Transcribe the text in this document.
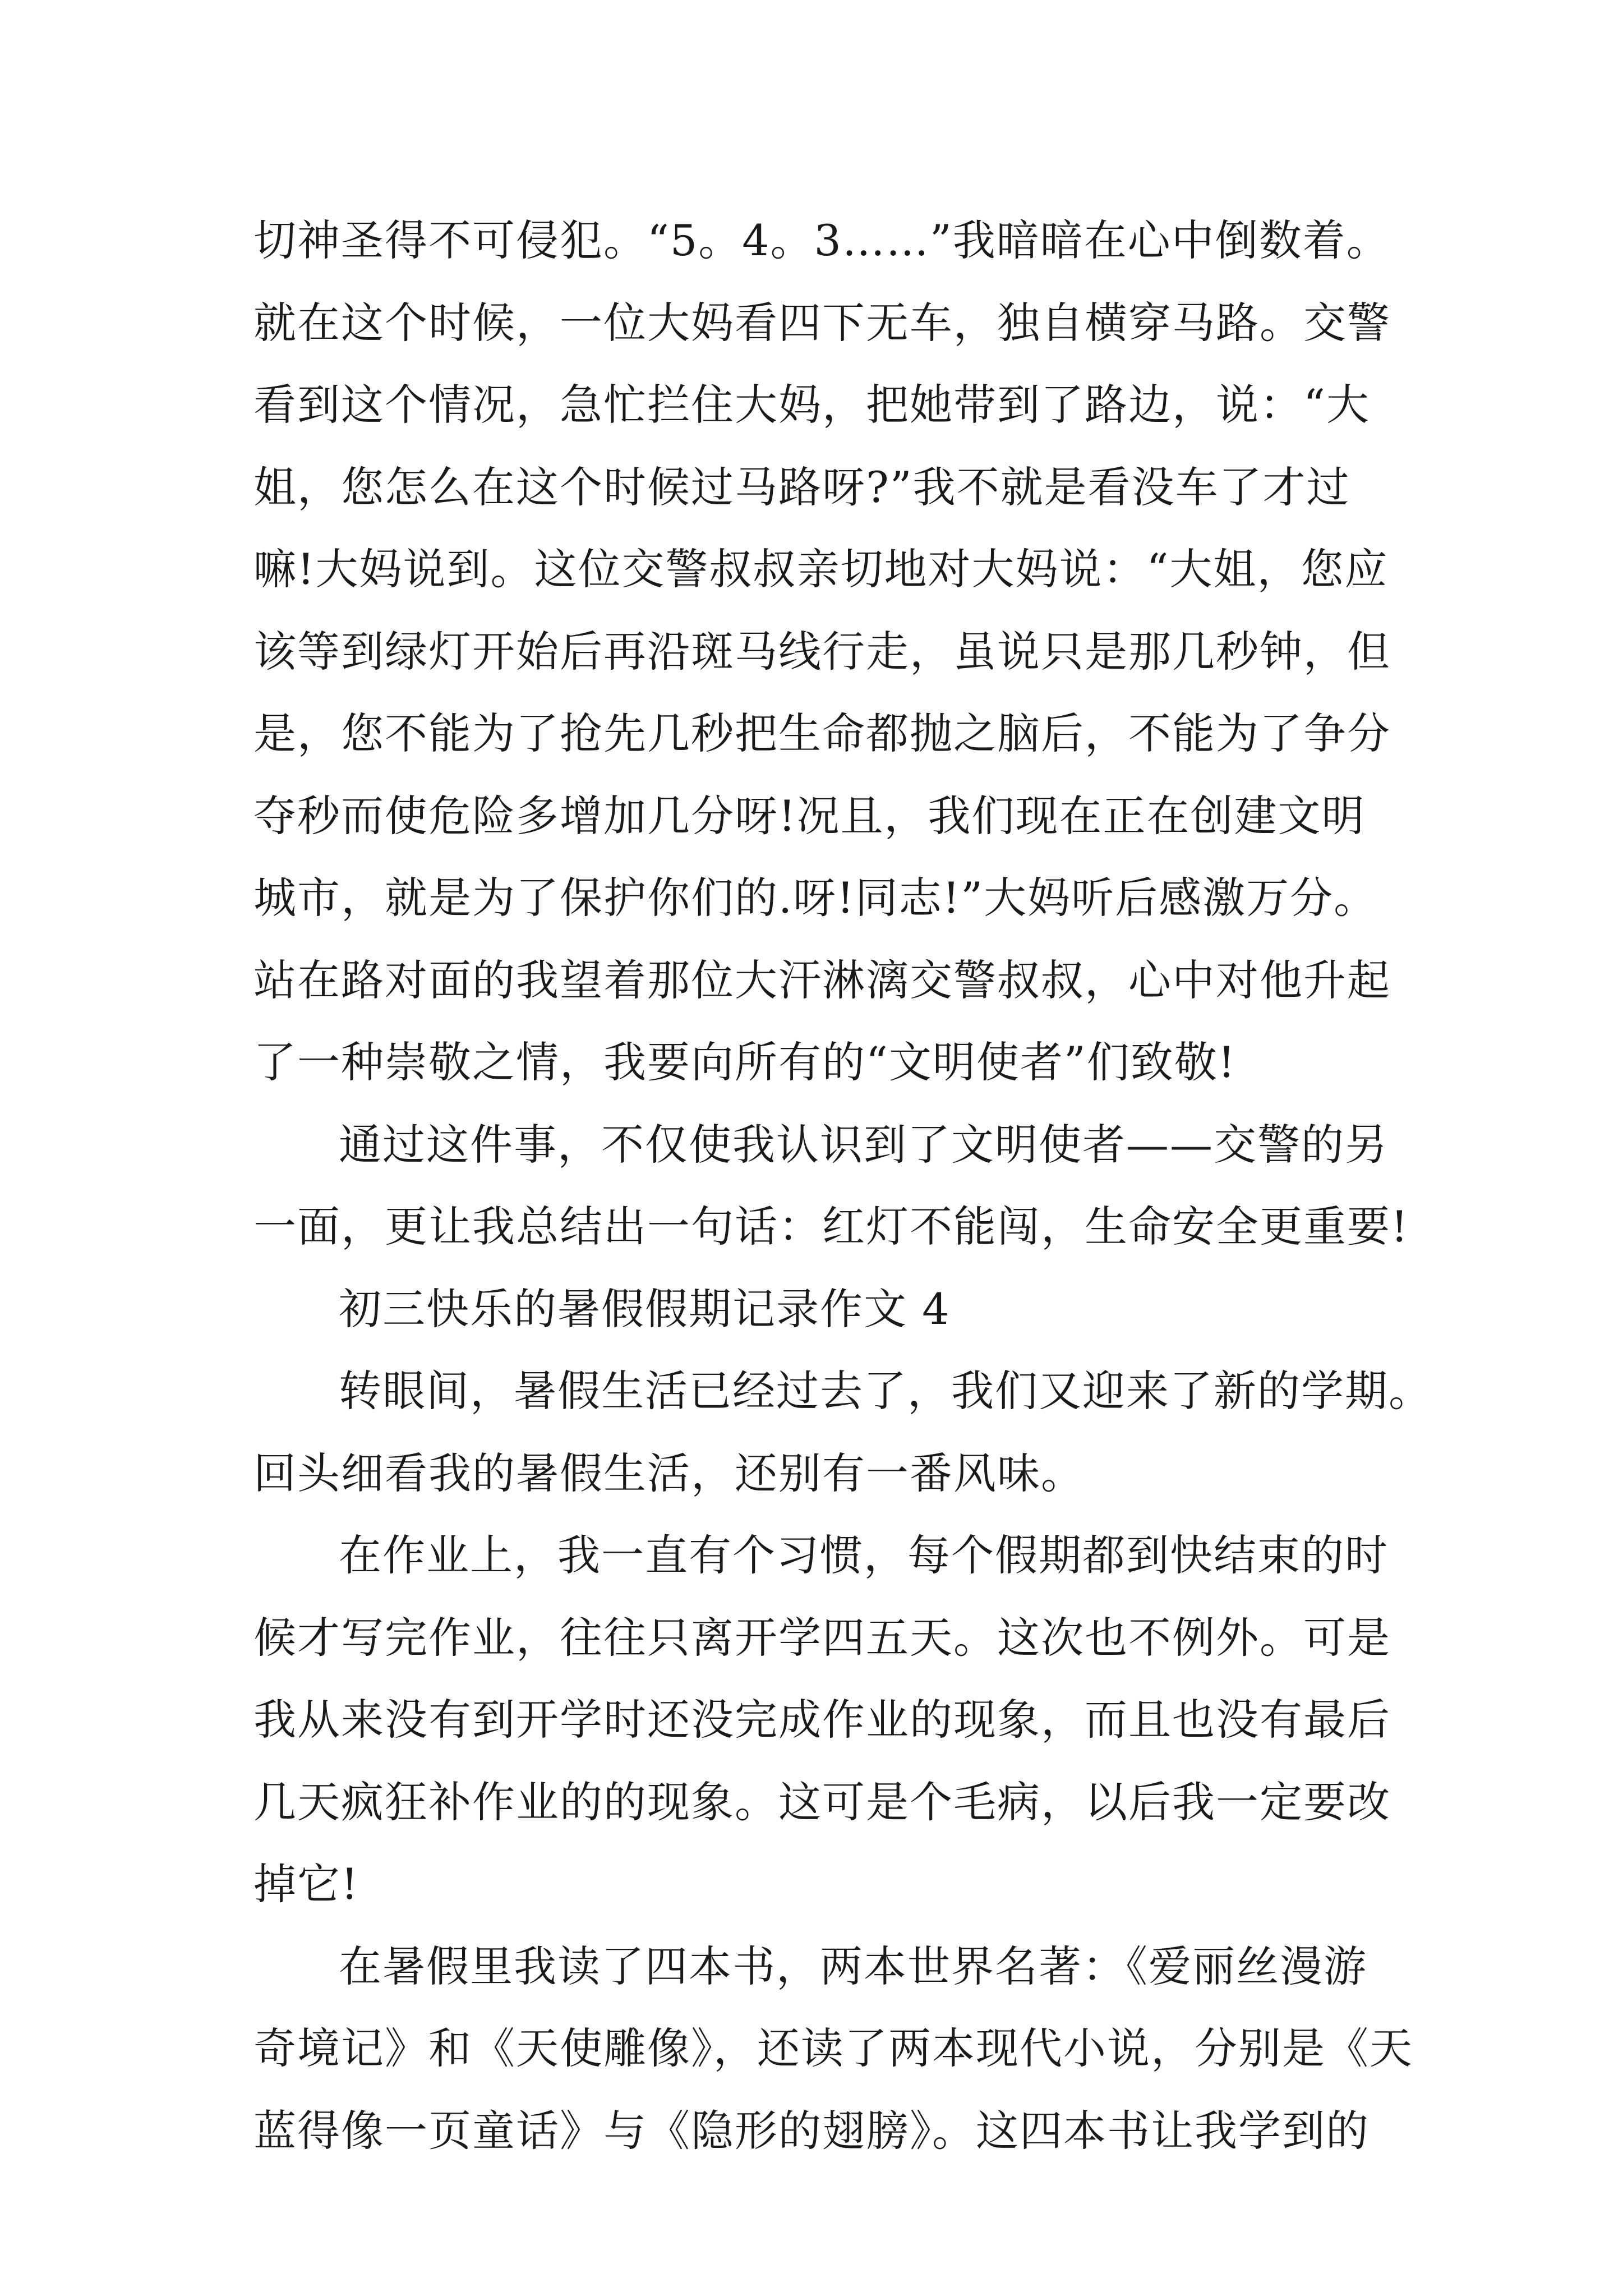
切神圣得不可侵犯。“5。4。3……”我暗暗在心中倒数着。
就在这个时候，一位大妈看四下无车，独自横穿马路。交警
看到这个情况，急忙拦住大妈，把她带到了路边，说：“大
姐，您怎么在这个时候过马路呀?”我不就是看没车了才过
嘛!大妈说到。这位交警叔叔亲切地对大妈说：“大姐，您应
该等到绿灯开始后再沿斑马线行走，虽说只是那几秒钟，但
是，您不能为了抢先几秒把生命都抛之脑后，不能为了争分
夺秒而使危险多增加几分呀!况且，我们现在正在创建文明
城市，就是为了保护你们的.呀!同志!”大妈听后感激万分。
站在路对面的我望着那位大汗淋漓交警叔叔，心中对他升起
了一种崇敬之情，我要向所有的“文明使者”们致敬!
通过这件事，不仅使我认识到了文明使者——交警的另
一面，更让我总结出一句话：红灯不能闯，生命安全更重要!
初三快乐的暑假假期记录作文 4
转眼间，暑假生活已经过去了，我们又迎来了新的学期。
回头细看我的暑假生活，还别有一番风味。
在作业上，我一直有个习惯，每个假期都到快结束的时
候才写完作业，往往只离开学四五天。这次也不例外。可是
我从来没有到开学时还没完成作业的现象，而且也没有最后
几天疯狂补作业的的现象。这可是个毛病，以后我一定要改
掉它!
在暑假里我读了四本书，两本世界名著：《爱丽丝漫游
奇境记》和《天使雕像》，还读了两本现代小说，分别是《天
蓝得像一页童话》与《隐形的翅膀》。这四本书让我学到的
